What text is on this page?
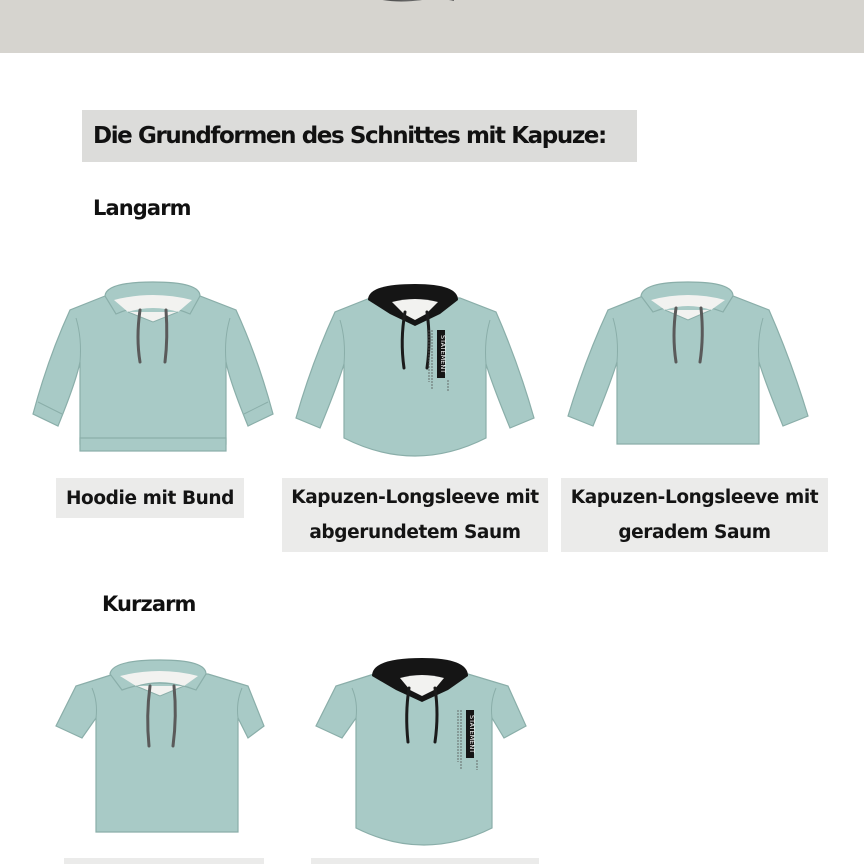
Die Grundformen des Schnittes mit Kapuze:
Langarm
STATEMENT
Hoodie mit Bund	Kapuzen-Longsleeve mit
abgerundetem Saum
Kapuzen-Longsleeve mit
geradem Saum
Kurzarm
STATEMENT
